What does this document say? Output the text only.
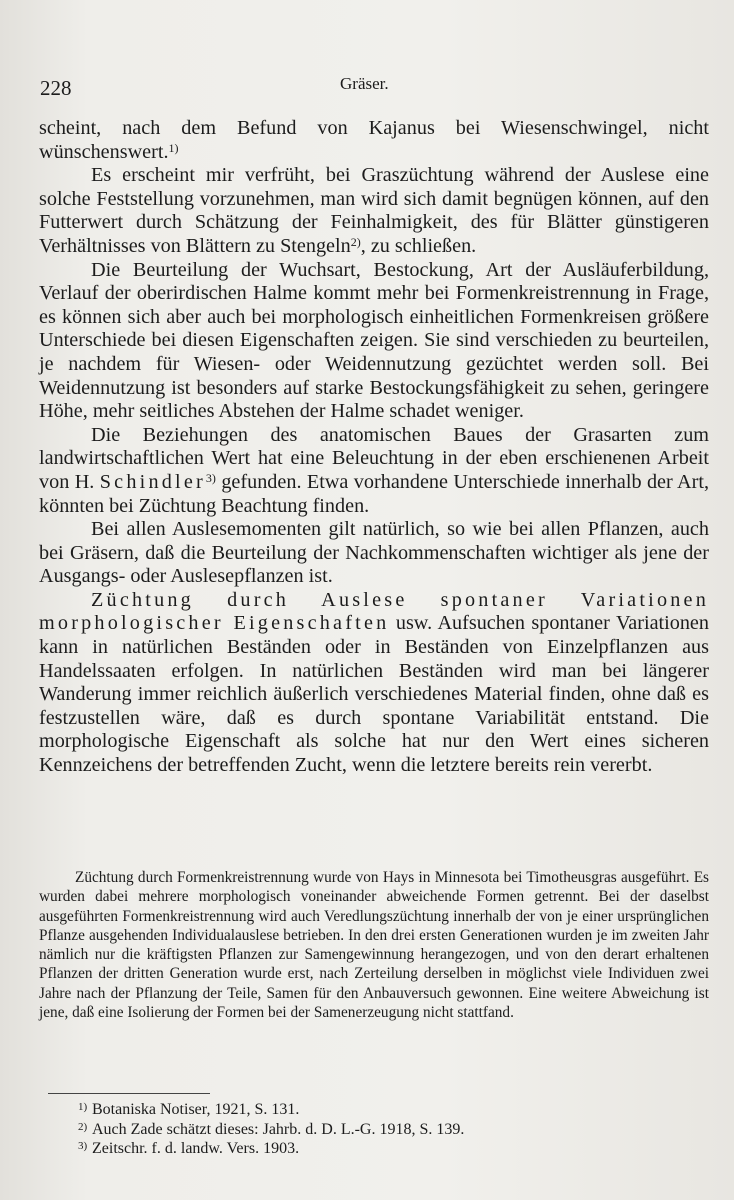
228	Gräser.

scheint, nach dem Befund von Kajanus bei Wiesenschwingel, nicht wünschenswert.$^{1)}$

Es erscheint mir verfrüht, bei Graszüchtung während der Auslese eine solche Feststellung vorzunehmen, man wird sich damit begnügen können, auf den Futterwert durch Schätzung der Feinhalmigkeit, des für Blätter günstigeren Verhältnisses von Blättern zu Stengeln$^{2)}$, zu schließen.

Die Beurteilung der Wuchsart, Bestockung, Art der Ausläuferbildung, Verlauf der oberirdischen Halme kommt mehr bei Formenkreistrennung in Frage, es können sich aber auch bei morphologisch einheitlichen Formenkreisen größere Unterschiede bei diesen Eigenschaften zeigen. Sie sind verschieden zu beurteilen, je nachdem für Wiesen- oder Weidennutzung gezüchtet werden soll. Bei Weidennutzung ist besonders auf starke Bestockungsfähigkeit zu sehen, geringere Höhe, mehr seitliches Abstehen der Halme schadet weniger.

Die Beziehungen des anatomischen Baues der Grasarten zum landwirtschaftlichen Wert hat eine Beleuchtung in der eben erschienenen Arbeit von H. Schindler$^{3)}$ gefunden. Etwa vorhandene Unterschiede innerhalb der Art, könnten bei Züchtung Beachtung finden.

Bei allen Auslesemomenten gilt natürlich, so wie bei allen Pflanzen, auch bei Gräsern, daß die Beurteilung der Nachkommenschaften wichtiger als jene der Ausgangs- oder Auslesepflanzen ist.

Züchtung durch Auslese spontaner Variationen morphologischer Eigenschaften usw. Aufsuchen spontaner Variationen kann in natürlichen Beständen oder in Beständen von Einzelpflanzen aus Handelssaaten erfolgen. In natürlichen Beständen wird man bei längerer Wanderung immer reichlich äußerlich verschiedenes Material finden, ohne daß es festzustellen wäre, daß es durch spontane Variabilität entstand. Die morphologische Eigenschaft als solche hat nur den Wert eines sicheren Kennzeichens der betreffenden Zucht, wenn die letztere bereits rein vererbt.

Züchtung durch Formenkreistrennung wurde von Hays in Minnesota bei Timotheusgras ausgeführt. Es wurden dabei mehrere morphologisch voneinander abweichende Formen getrennt. Bei der daselbst ausgeführten Formenkreistrennung wird auch Veredlungszüchtung innerhalb der von je einer ursprünglichen Pflanze ausgehenden Individualauslese betrieben. In den drei ersten Generationen wurden je im zweiten Jahr nämlich nur die kräftigsten Pflanzen zur Samengewinnung herangezogen, und von den derart erhaltenen Pflanzen der dritten Generation wurde erst, nach Zerteilung derselben in möglichst viele Individuen zwei Jahre nach der Pflanzung der Teile, Samen für den Anbauversuch gewonnen. Eine weitere Abweichung ist jene, daß eine Isolierung der Formen bei der Samenerzeugung nicht stattfand.

1) Botaniska Notiser, 1921, S. 131.

2) Auch Zade schätzt dieses: Jahrb. d. D. L.-G. 1918, S. 139.

3) Zeitschr. f. d. landw. Vers. 1903.
